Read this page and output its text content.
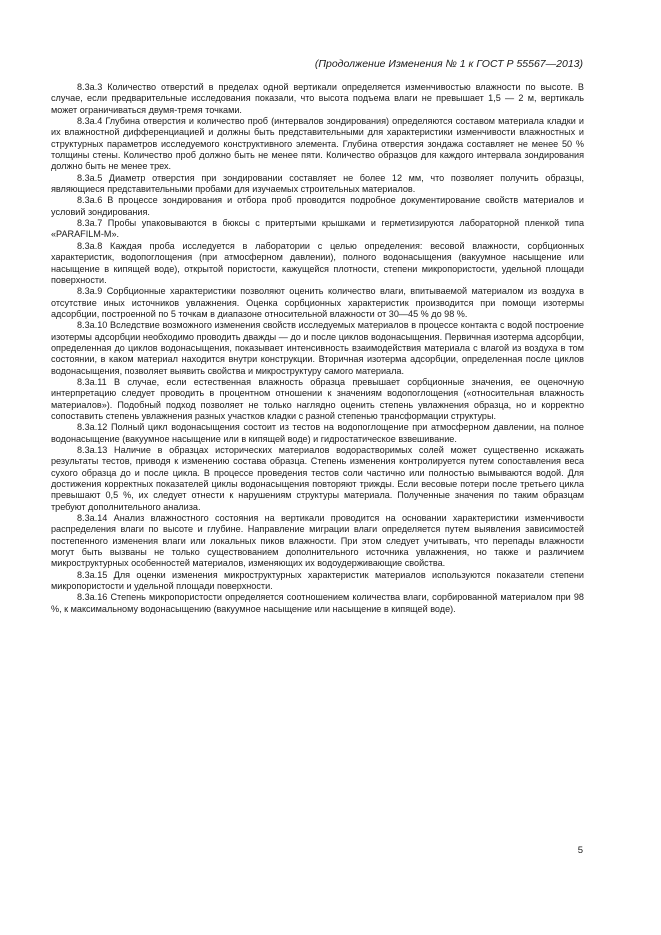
(Продолжение Изменения № 1 к ГОСТ Р 55567—2013)

8.3а.3 Количество отверстий в пределах одной вертикали определяется изменчивостью влажности по высоте. В случае, если предварительные исследования показали, что высота подъема влаги не превышает 1,5 — 2 м, вертикаль может ограничиваться двумя-тремя точками.

8.3а.4 Глубина отверстия и количество проб (интервалов зондирования) определяются составом материала кладки и их влажностной дифференциацией и должны быть представительными для характеристики изменчивости влажностных и структурных параметров исследуемого конструктивного элемента. Глубина отверстия зондажа составляет не менее 50 % толщины стены. Количество проб должно быть не менее пяти. Количество образцов для каждого интервала зондирования должно быть не менее трех.

8.3а.5 Диаметр отверстия при зондировании составляет не более 12 мм, что позволяет получить образцы, являющиеся представительными пробами для изучаемых строительных материалов.

8.3а.6 В процессе зондирования и отбора проб проводится подробное документирование свойств материалов и условий зондирования.

8.3а.7 Пробы упаковываются в бюксы с притертыми крышками и герметизируются лабораторной пленкой типа «PARAFILM-M».

8.3а.8 Каждая проба исследуется в лаборатории с целью определения: весовой влажности, сорбционных характеристик, водопоглощения (при атмосферном давлении), полного водонасыщения (вакуумное насыщение или насыщение в кипящей воде), открытой пористости, кажущейся плотности, степени микропористости, удельной площади поверхности.

8.3а.9 Сорбционные характеристики позволяют оценить количество влаги, впитываемой материалом из воздуха в отсутствие иных источников увлажнения. Оценка сорбционных характеристик производится при помощи изотермы адсорбции, построенной по 5 точкам в диапазоне относительной влажности от 30—45 % до 98 %.

8.3а.10 Вследствие возможного изменения свойств исследуемых материалов в процессе контакта с водой построение изотермы адсорбции необходимо проводить дважды — до и после циклов водонасыщения. Первичная изотерма адсорбции, определенная до циклов водонасыщения, показывает интенсивность взаимодействия материала с влагой из воздуха в том состоянии, в каком материал находится внутри конструкции. Вторичная изотерма адсорбции, определенная после циклов водонасыщения, позволяет выявить свойства и микроструктуру самого материала.

8.3а.11 В случае, если естественная влажность образца превышает сорбционные значения, ее оценочную интерпретацию следует проводить в процентном отношении к значениям водопоглощения («относительная влажность материалов»). Подобный подход позволяет не только наглядно оценить степень увлажнения образца, но и корректно сопоставить степень увлажнения разных участков кладки с разной степенью трансформации структуры.

8.3а.12 Полный цикл водонасыщения состоит из тестов на водопоглощение при атмосферном давлении, на полное водонасыщение (вакуумное насыщение или в кипящей воде) и гидростатическое взвешивание.

8.3а.13 Наличие в образцах исторических материалов водорастворимых солей может существенно искажать результаты тестов, приводя к изменению состава образца. Степень изменения контролируется путем сопоставления веса сухого образца до и после цикла. В процессе проведения тестов соли частично или полностью вымываются водой. Для достижения корректных показателей циклы водонасыщения повторяют трижды. Если весовые потери после третьего цикла превышают 0,5 %, их следует отнести к нарушениям структуры материала. Полученные значения по таким образцам требуют дополнительного анализа.

8.3а.14 Анализ влажностного состояния на вертикали проводится на основании характеристики изменчивости распределения влаги по высоте и глубине. Направление миграции влаги определяется путем выявления зависимостей постепенного изменения влаги или локальных пиков влажности. При этом следует учитывать, что перепады влажности могут быть вызваны не только существованием дополнительного источника увлажнения, но также и различием микроструктурных особенностей материалов, изменяющих их водоудерживающие свойства.

8.3а.15 Для оценки изменения микроструктурных характеристик материалов используются показатели степени микропористости и удельной площади поверхности.

8.3а.16 Степень микропористости определяется соотношением количества влаги, сорбированной материалом при 98 %, к максимальному водонасыщению (вакуумное насыщение или насыщение в кипящей воде).

5
